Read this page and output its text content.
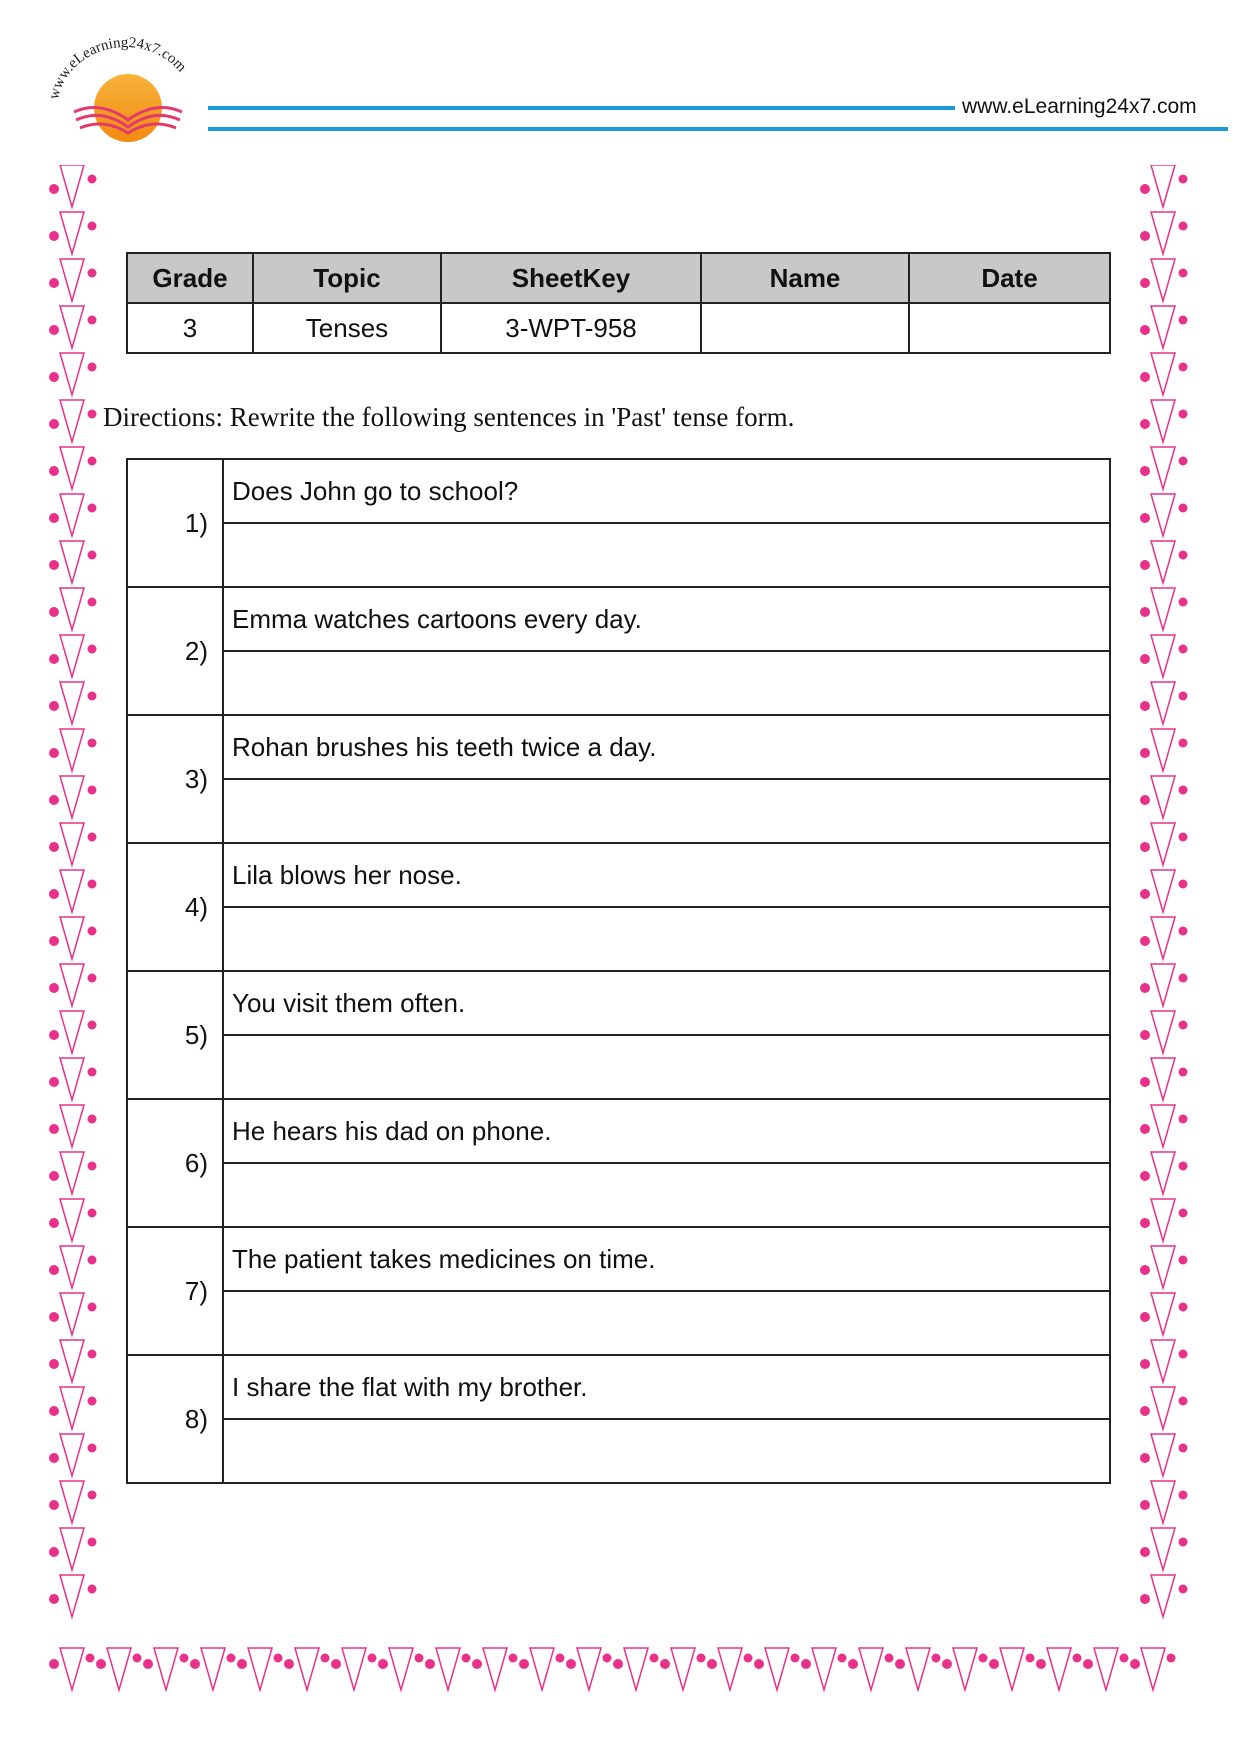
www.eLearning24x7.com
www.eLearning24x7.com
Grade	Topic	SheetKey	Name	Date
3	Tenses	3-WPT-958		
Directions: Rewrite the following sentences in 'Past' tense form.
1)	Does John go to school?

2)	Emma watches cartoons every day.

3)	Rohan brushes his teeth twice a day.

4)	Lila blows her nose.

5)	You visit them often.

6)	He hears his dad on phone.

7)	The patient takes medicines on time.

8)	I share the flat with my brother.
